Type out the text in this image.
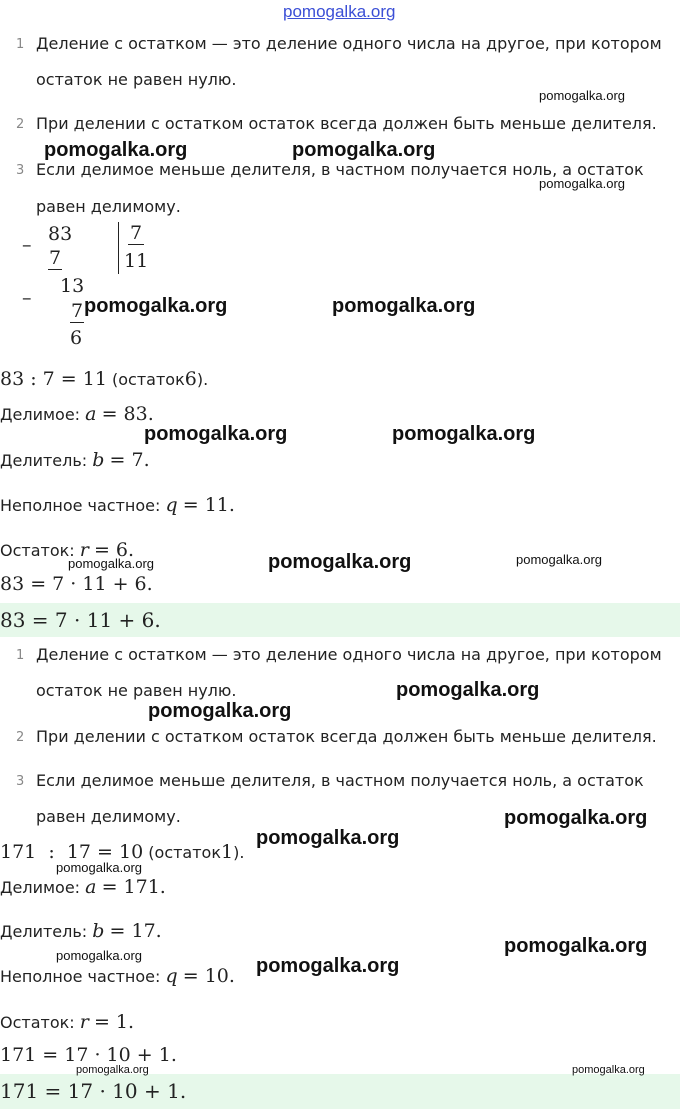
pomogalka.org
1 Деление с остатком — это деление одного числа на другое, при котором
остаток не равен нулю.
2 При делении с остатком остаток всегда должен быть меньше делителя.
3 Если делимое меньше делителя, в частном получается ноль, а остаток
равен делимому.
– 83
7
7
11
–
13
7
6
83 : 7 = 11 (остаток6).
Делимое: a = 83.
Делитель: b = 7.
Неполное частное: q = 11.
Остаток: r = 6.
83 = 7 · 11 + 6.
83 = 7 · 11 + 6.
1 Деление с остатком — это деление одного числа на другое, при котором
остаток не равен нулю.
2 При делении с остатком остаток всегда должен быть меньше делителя.
3 Если делимое меньше делителя, в частном получается ноль, а остаток
равен делимому.
171  :  17 = 10 (остаток1).
Делимое: a = 171.
Делитель: b = 17.
Неполное частное: q = 10.
Остаток: r = 1.
171 = 17 · 10 + 1.
171 = 17 · 10 + 1.
pomogalka.org
pomogalka.org	pomogalka.org
pomogalka.org
pomogalka.org	pomogalka.org
pomogalka.org	pomogalka.org
pomogalka.org	pomogalka.org	pomogalka.org
pomogalka.org
pomogalka.org
pomogalka.org
pomogalka.org
pomogalka.org
pomogalka.org
pomogalka.org	pomogalka.org
pomogalka.org	pomogalka.org
